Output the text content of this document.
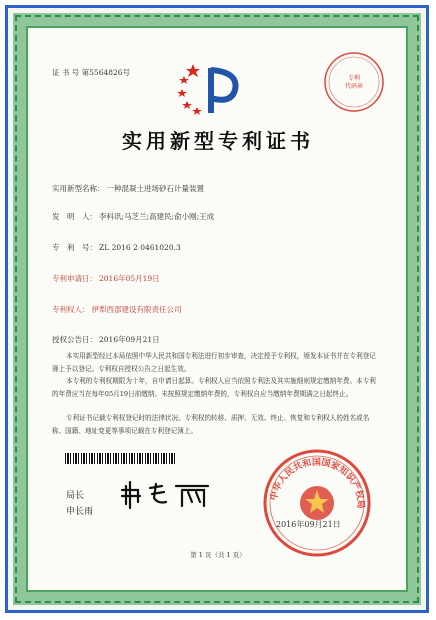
证 书 号 第5564826号
专利
代码章
实用新型专利证书
实用新型名称： 一种混凝土进场砂石计量装置
发　明　人： 李科讯;马芝兰;高建民;俞小刚;王成
专　利　号： ZL 2016 2 0461020.3
专利申请日： 2016年05月19日
专利权人： 伊犁西部建设有限责任公司
授权公告日： 2016年09月21日
本实用新型经过本局依照中华人民共和国专利法进行初步审查，决定授予专利权，颁发本证书并在专利登记簿上予以登记。专利权自授权公告之日起生效。
本专利的专利权期限为十年，自申请日起算。专利权人应当依照专利法及其实施细则规定缴纳年费。本专利的年费应当在每年05月19日前缴纳。未按照规定缴纳年费的，专利权自应当缴纳年费期满之日起终止。
专利证书记载专利权登记时的法律状况。专利权的转移、质押、无效、终止、恢复和专利权人的姓名或名称、国籍、地址变更等事项记载在专利登记簿上。
局长
申长雨
中华人民共和国国家知识产权局
2016年09月21日
第 1 页（共 1 页）
